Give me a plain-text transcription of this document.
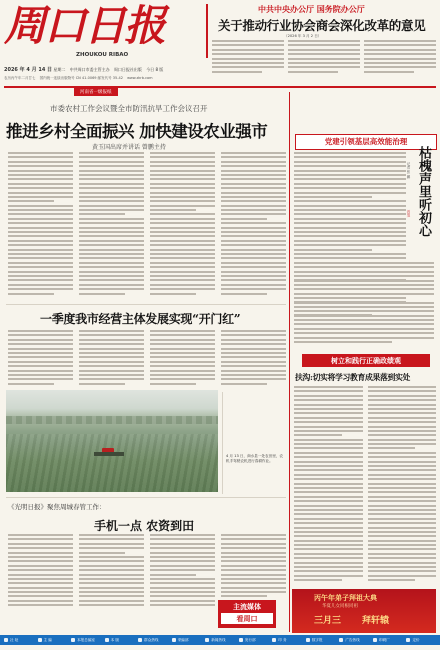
周口日报
ZHOUKOU RIBAO
中共中央办公厅 国务院办公厅
关于推动行业协会商会深化改革的意见
（2026 年 3 月 2 日）
2026 年 4 月 14 日 星期二 中共周口市委主管主办 周口日报社出版 今日 8 版
农历丙午年二月廿七 国内统一连续出版物号 CN 41-0069 邮发代号 35-42 www.zkrb.com
河南省一级报纸
市委农村工作会议暨全市防汛抗旱工作会议召开
推进乡村全面振兴 加快建设农业强市
黄玉国出席并讲话 曾鹏主持
一季度我市经营主体发展实现“开门红”
4 月 13 日，商水县一处农田里，农机手驾驶农机进行春耕作业。
《光明日报》聚焦周城春管工作：
手机一点 农资到田
主流媒体
看周口
党建引领基层高效能治理
枯槐声里听初心
记者 张 鹏
首发
树立和践行正确政绩观
扶沟:切实将学习教育成果落到实处
丙午年弟子拜祖大典
华夏儿女同根同祖
三月三 拜轩辕
社 址	主 编	本报总编室	本 版	群众热线	采编部	新闻热线	发行部	印 务	数字报	广告热线	印刷厂	定价
